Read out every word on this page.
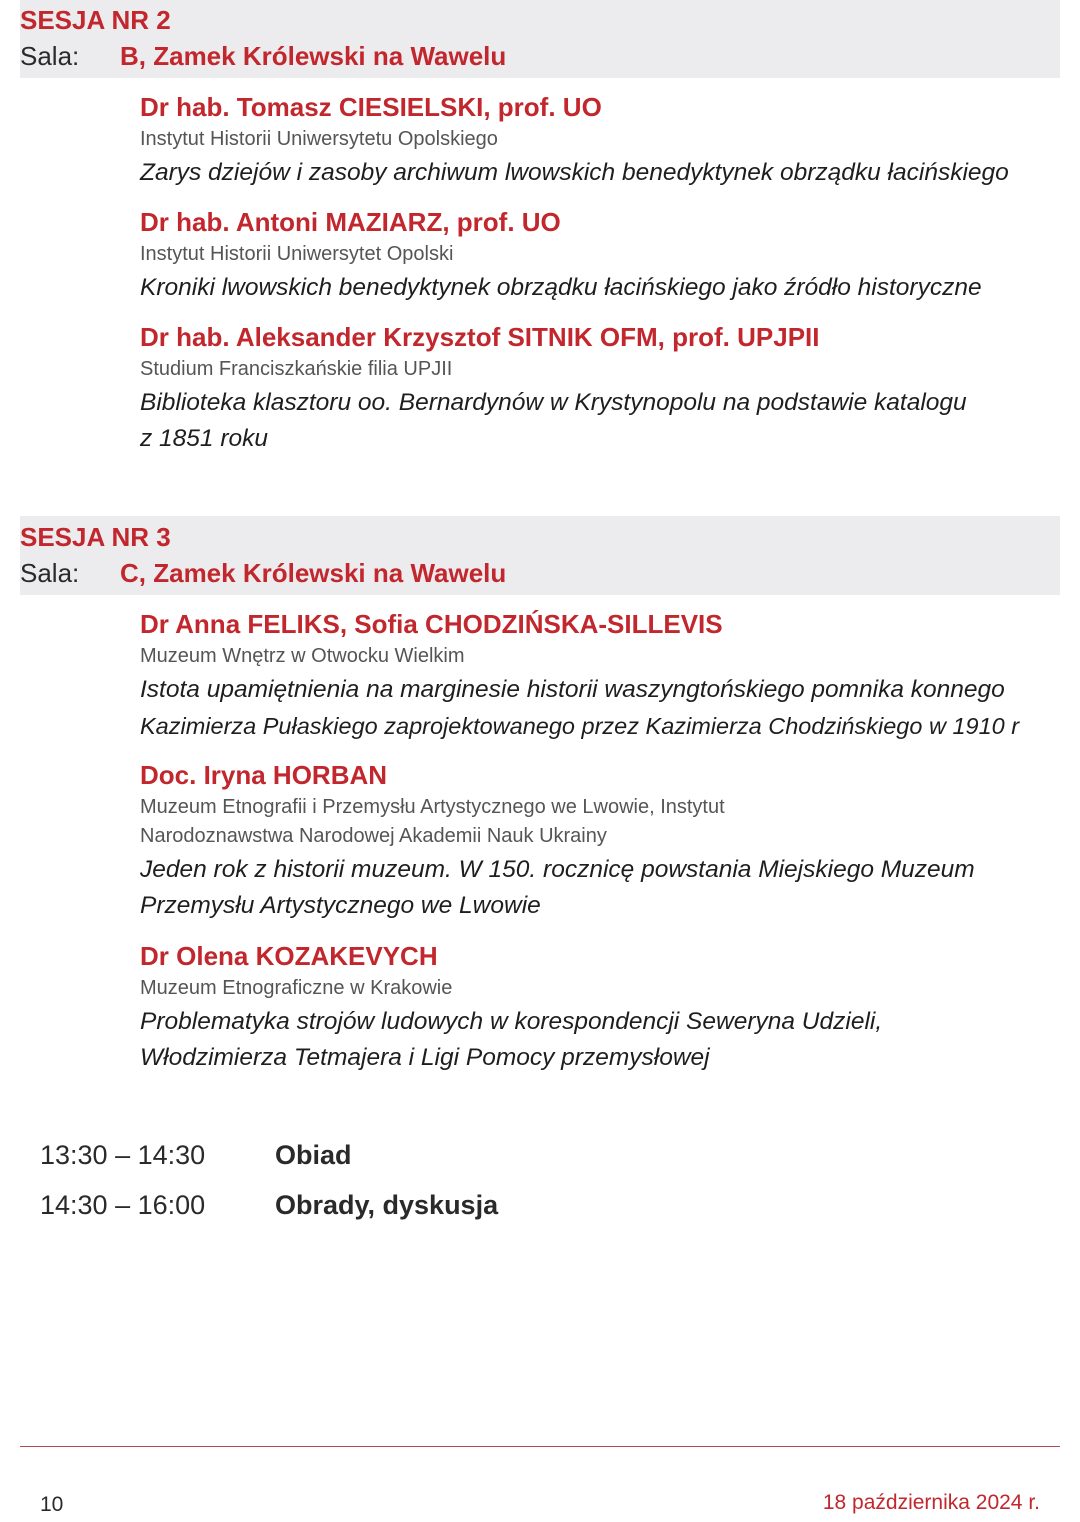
SESJA NR 2
Sala: B, Zamek Królewski na Wawelu
Dr hab. Tomasz CIESIELSKI, prof. UO
Instytut Historii Uniwersytetu Opolskiego
Zarys dziejów i zasoby archiwum lwowskich benedyktynek obrządku łacińskiego
Dr hab. Antoni MAZIARZ, prof. UO
Instytut Historii Uniwersytet Opolski
Kroniki lwowskich benedyktynek obrządku łacińskiego jako źródło historyczne
Dr hab. Aleksander Krzysztof SITNIK OFM, prof. UPJPII
Studium Franciszkańskie filia UPJII
Biblioteka klasztoru oo. Bernardynów w Krystynopolu na podstawie katalogu
z 1851 roku
SESJA NR 3
Sala: C, Zamek Królewski na Wawelu
Dr Anna FELIKS, Sofia CHODZIŃSKA-SILLEVIS
Muzeum Wnętrz w Otwocku Wielkim
Istota upamiętnienia na marginesie historii waszyngtońskiego pomnika konnego
Kazimierza Pułaskiego zaprojektowanego przez Kazimierza Chodzińskiego w 1910 r
Doc. Iryna HORBAN
Muzeum Etnografii i Przemysłu Artystycznego we Lwowie, Instytut
Narodoznawstwa Narodowej Akademii Nauk Ukrainy
Jeden rok z historii muzeum. W 150. rocznicę powstania Miejskiego Muzeum
Przemysłu Artystycznego we Lwowie
Dr Olena KOZAKEVYCH
Muzeum Etnograficzne w Krakowie
Problematyka strojów ludowych w korespondencji Seweryna Udzieli,
Włodzimierza Tetmajera i Ligi Pomocy przemysłowej
13:30 – 14:30	Obiad
14:30 – 16:00	Obrady, dyskusja
10	18 października 2024 r.
